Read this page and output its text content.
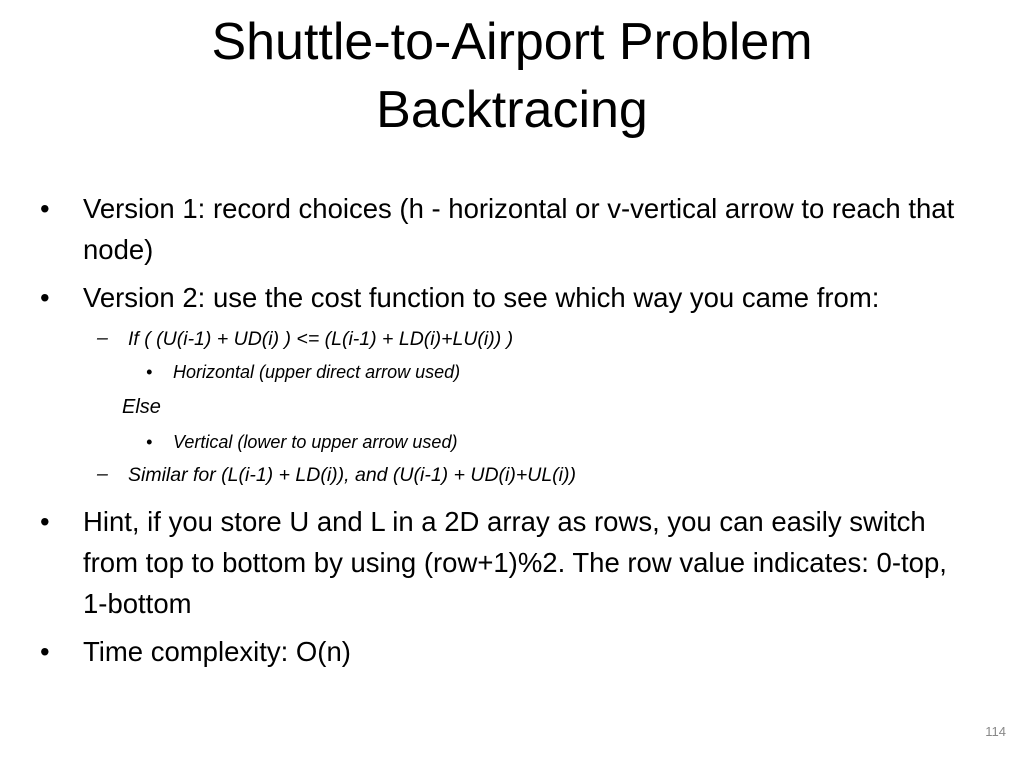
Shuttle-to-Airport Problem
Backtracing
•	Version 1: record choices (h - horizontal or v-vertical arrow to reach that node)
•	Version 2: use the cost function to see which way you came from:
– If ( (U(i-1) + UD(i) ) <= (L(i-1) + LD(i)+LU(i)) )
• Horizontal (upper direct arrow used)
Else
• Vertical (lower to upper arrow used)
– Similar for (L(i-1) + LD(i)), and (U(i-1) + UD(i)+UL(i))
•	Hint, if you store U and L in a 2D array as rows, you can easily switch from top to bottom by using (row+1)%2. The row value indicates: 0-top, 1-bottom
•	Time complexity: O(n)
114
